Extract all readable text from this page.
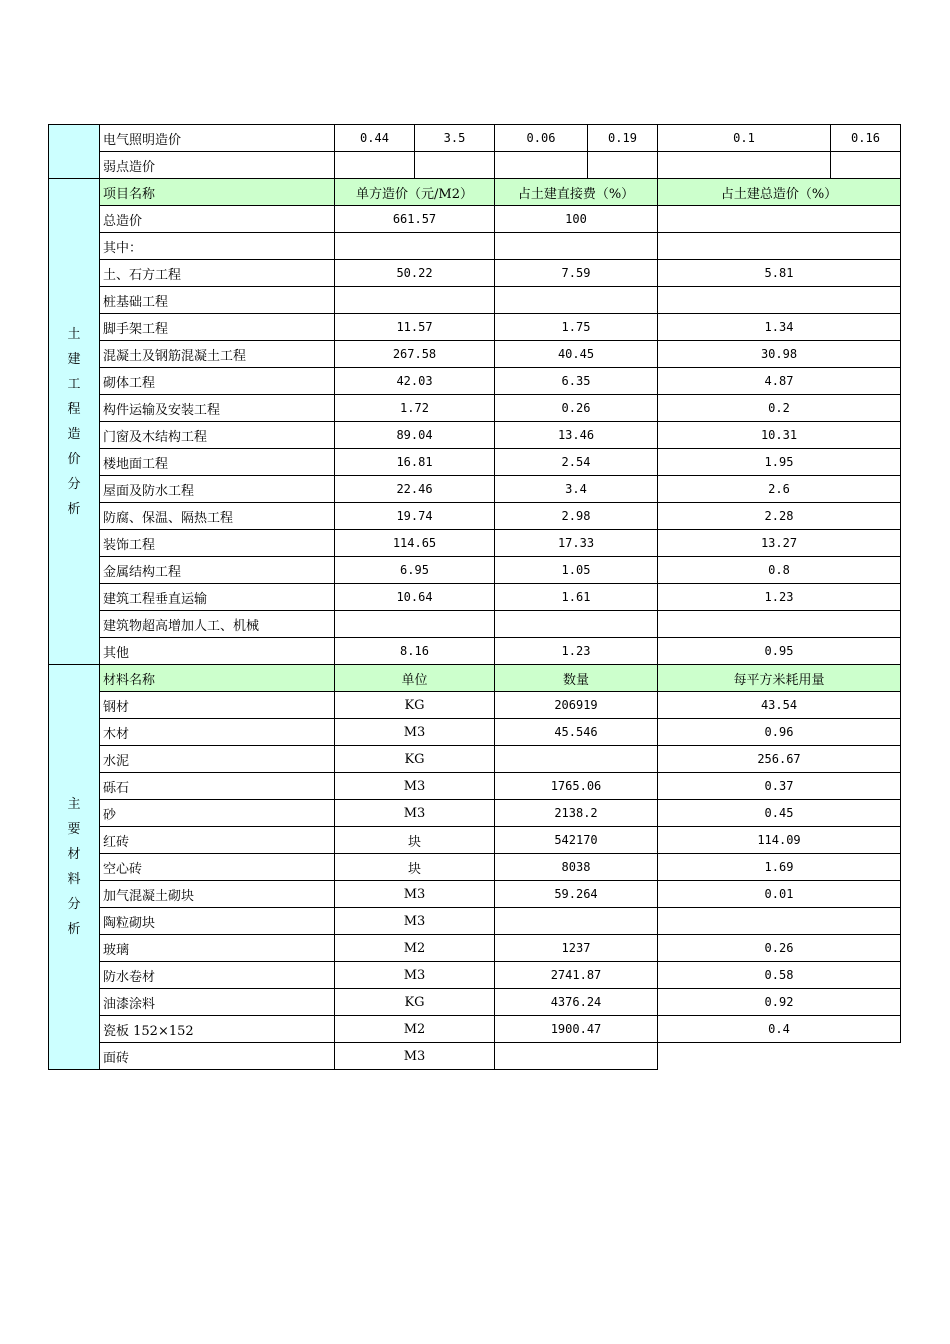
	电气照明造价	0.44	3.5	0.06	0.19	0.1	0.16
	弱点造价						
土建工程造价分析	项目名称	单方造价（元/M2）		占土建直接费（%）		占土建总造价（%）	
	总造价	661.57		100			
	其中：						
	土、石方工程	50.22		7.59		5.81	
	桩基础工程						
	脚手架工程	11.57		1.75		1.34	
	混凝土及钢筋混凝土工程	267.58		40.45		30.98	
	砌体工程	42.03		6.35		4.87	
	构件运输及安装工程	1.72		0.26		0.2	
	门窗及木结构工程	89.04		13.46		10.31	
	楼地面工程	16.81		2.54		1.95	
	屋面及防水工程	22.46		3.4		2.6	
	防腐、保温、隔热工程	19.74		2.98		2.28	
	装饰工程	114.65		17.33		13.27	
	金属结构工程	6.95		1.05		0.8	
	建筑工程垂直运输	10.64		1.61		1.23	
	建筑物超高增加人工、机械						
	其他	8.16		1.23		0.95	
主要材料分析	材料名称	单位		数量		每平方米耗用量	
	钢材	KG		206919		43.54	
	木材	M3		45.546		0.96	
	水泥	KG				256.67	
	砾石	M3		1765.06		0.37	
	砂	M3		2138.2		0.45	
	红砖	块		542170		114.09	
	空心砖	块		8038		1.69	
	加气混凝土砌块	M3		59.264		0.01	
	陶粒砌块	M3					
	玻璃	M2		1237		0.26	
	防水卷材	M3		2741.87		0.58	
	油漆涂料	KG		4376.24		0.92	
	瓷板 152×152	M2		1900.47		0.4	
	面砖	M3					
